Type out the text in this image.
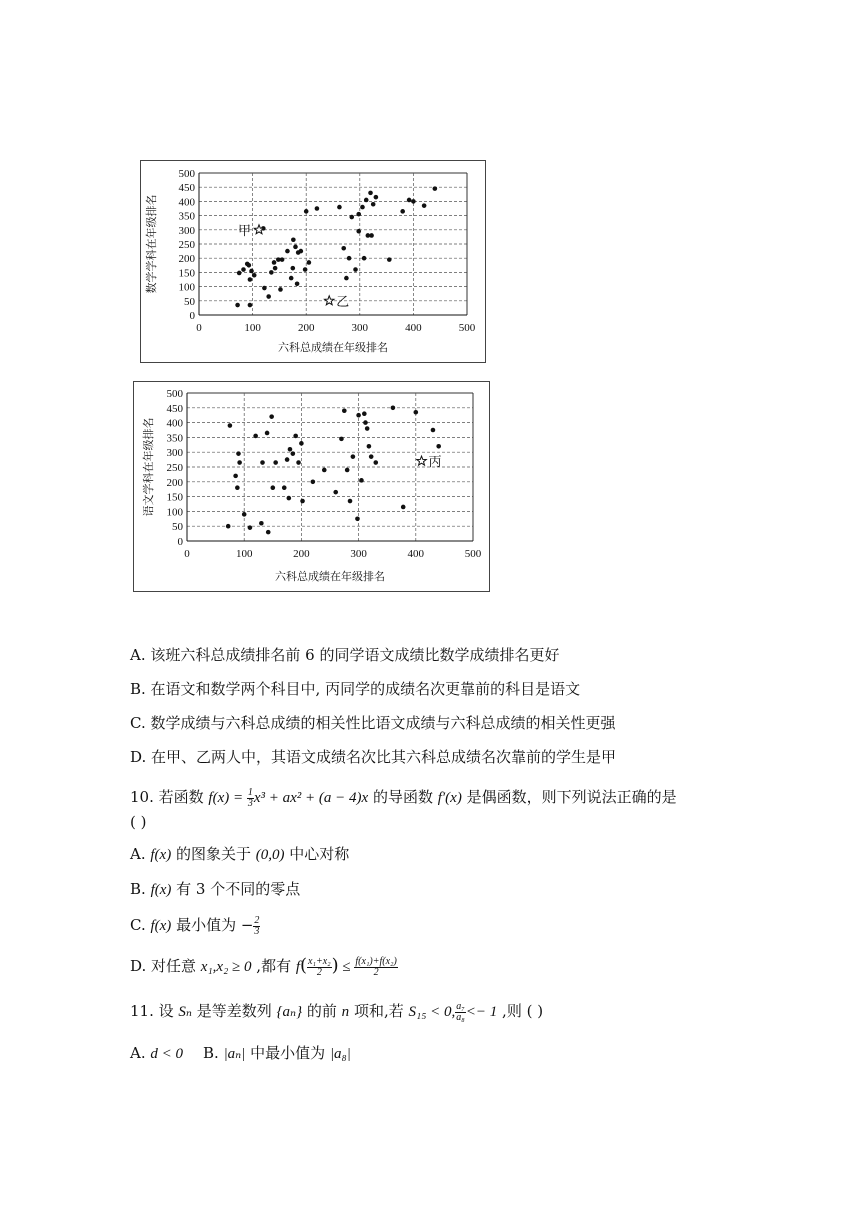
0
50
100
150
200
250
300
350
400
450
500
0	100	200	300	400	500
六科总成绩在年级排名
数学学科在年级排名	甲
乙
0
50
100
150
200
250
300
350
400
450
500
0	100	200	300	400	500
六科总成绩在年级排名
语文学科在年级排名	丙
A. 该班六科总成绩排名前 6 的同学语文成绩比数学成绩排名更好
B. 在语文和数学两个科目中, 丙同学的成绩名次更靠前的科目是语文
C. 数学成绩与六科总成绩的相关性比语文成绩与六科总成绩的相关性更强
D. 在甲、乙两人中，其语文成绩名次比其六科总成绩名次靠前的学生是甲
10. 若函数 $f(x) = \frac{1}{3} x^3 + ax^2 + (a - 4)x$ 的导函数 f′(x) 是偶函数，则下列说法正确的是
( )
A. f(x) 的图象关于 (0,0) 中心对称
B. f(x) 有 3 个不同的零点
C. f(x) 最小值为 − $\frac{2}{3}$
D. 对任意 x₁,x₂ ≥ 0 ,都有 $f( \frac{\text{x₁+x₂}}{2}$ ) ≤ $\frac{\text{f(x₁)+f(x₂)}}{2}$
11. 设 Sₙ 是等差数列 {aₙ} 的前 n 项和,若 S₁₅ < 0, $\frac{\text{a₇}}{\text{a₈}} <- 1$ ,则 ( )
A. d < 0 B. |aₙ| 中最小值为 |a₈|
